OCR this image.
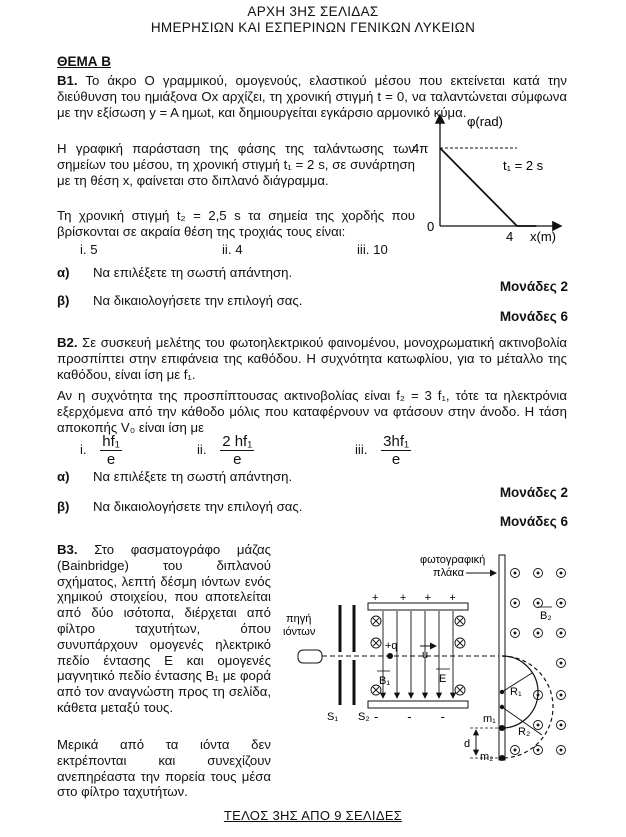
ΑΡΧΗ 3ΗΣ ΣΕΛΙΔΑΣ
ΗΜΕΡΗΣΙΩΝ ΚΑΙ ΕΣΠΕΡΙΝΩΝ ΓΕΝΙΚΩΝ ΛΥΚΕΙΩΝ
ΘΕΜΑ Β

Β1. Το άκρο Ο γραμμικού, ομογενούς, ελαστικού μέσου που εκτείνεται κατά την διεύθυνση του ημιάξονα Οx αρχίζει, τη χρονική στιγμή t = 0, να ταλαντώνεται σύμφωνα με την εξίσωση y = A ημωt, και δημιουργείται εγκάρσιο αρμονικό κύμα.

Η γραφική παράσταση της φάσης της ταλάντωσης των σημείων του μέσου, τη χρονική στιγμή t₁ = 2 s, σε συνάρτηση με τη θέση x, φαίνεται στο διπλανό διάγραμμα.

Τη χρονική στιγμή t₂ = 2,5 s τα σημεία της χορδής που βρίσκονται σε ακραία θέση της τροχιάς τους είναι:

i. 5	ii. 4	iii. 10
α) Να επιλέξετε τη σωστή απάντηση.
Μονάδες 2
β) Να δικαιολογήσετε την επιλογή σας.
Μονάδες 6
φ(rad)
4π
0
4 x(m)
t₁ = 2 s

Β2. Σε συσκευή μελέτης του φωτοηλεκτρικού φαινομένου, μονοχρωματική ακτινοβολία προσπίπτει στην επιφάνεια της καθόδου. Η συχνότητα κατωφλίου, για το μέταλλο της καθόδου, είναι ίση με f₁.

Αν η συχνότητα της προσπίπτουσας ακτινοβολίας είναι f₂ = 3 f₁, τότε τα ηλεκτρόνια εξερχόμενα από την κάθοδο μόλις που καταφέρνουν να φτάσουν στην άνοδο. Η τάση αποκοπής V₀ είναι ίση με

i. $\frac{\text{hf₁}}{e}$	ii. $\frac{\text{2 hf₁}}{e}$	iii. $\frac{\text{3hf₁}}{e}$
α) Να επιλέξετε τη σωστή απάντηση.
Μονάδες 2
β) Να δικαιολογήσετε την επιλογή σας.
Μονάδες 6

Β3. Στο φασματογράφο μάζας (Bainbridge) του διπλανού σχήματος, λεπτή δέσμη ιόντων ενός χημικού στοιχείου, που αποτελείται από δύο ισότοπα, διέρχεται από φίλτρο ταχυτήτων, όπου συνυπάρχουν ομογενές ηλεκτρικό πεδίο έντασης E και ομογενές μαγνητικό πεδίο έντασης B₁ με φορά από τον αναγνώστη προς τη σελίδα, κάθετα μεταξύ τους.

Μερικά από τα ιόντα δεν εκτρέπονται και συνεχίζουν ανεπηρέαστα την πορεία τους μέσα στο φίλτρο ταχυτήτων.

φωτογραφική
πλάκα
πηγή
ιόντων
S₁ S₂
+       +      +      +
-        -        -
+q
u
E
B₁
B₂
R₁
R₂
m₁
m₂
d
ΤΕΛΟΣ 3ΗΣ ΑΠΟ 9 ΣΕΛΙΔΕΣ
